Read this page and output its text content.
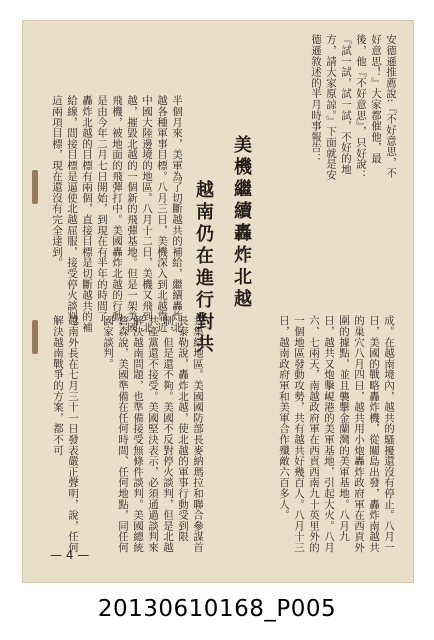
安德遜推薦說:『不好意思，不好意思！』大家都催他，最後，他『不好意思』，只好說：『試一試，試一試，不好的地方，請大家原諒。』下面就是安德遜敘述的半月時事報告：
美機繼續轟炸北越
越南仍在進行對共
半個月來，美軍為了切斷越共的補給，繼續轟炸北越各種軍事目標。八月三日，美機深入到北越靠近中國大陸邊境的地區。八月十二日，美機又飛到北越，摧毀北越的一個新的飛彈基地。但是一架美國飛機，被地面的飛彈打中。美國轟炸北越的行動，是由今年二月七日開始，到現在有半年的時間了。轟炸北越的目標有兩個，直接目標是切斷越共的補給線，間接目標是逼使北越屈服，接受停火談判。這兩項目標，現在還沒有完全達到。
成。在越南境內，越共的騷擾還沒有停止。八月一日，美國的戰略轟炸機，從關島出發，轟炸南越共的巢穴八月四日，越共用小炮轟炸政府軍在西貢外圍的據點，並且襲擊金蘭灣的美軍基地。八月九日，越共又炮擊峴港的美軍基地，引起大火。八月六、七兩天，南越政府軍在西貢西南九十英里外的一個地區發動攻勢，共有越共好幾百人。八月十三日，越南政府軍和美軍合作殲敵六百多人。
共集結地區。美國國防部長麥納瑪拉和聯合參謀首長泰勒說，轟炸北越，使北越的軍事行動受到限制，但是還不夠。美國不反對停火談判，但是北越共產黨還不接受。美國堅決表示，必須通過談判來解決越南問題，也準備接受無條件談判。美國總統詹森說，美國準備在任何時間、任何地點，同任何國家談判。
越南外長在七月三十一日發表嚴正聲明，說，任何解決越南戰爭的方案，都不可
— 4 —
20130610168_P005
